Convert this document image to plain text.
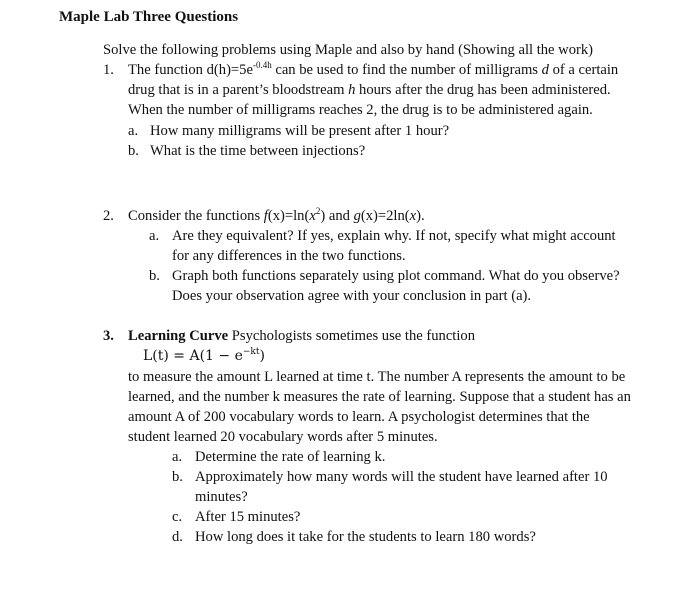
Maple Lab Three Questions
Solve the following problems using Maple and also by hand (Showing all the work)
1. The function $d(h)=5e^{-0.4h}$ can be used to find the number of milligrams d of a certain
drug that is in a parent’s bloodstream h hours after the drug has been administered.
When the number of milligrams reaches 2, the drug is to be administered again.
a. How many milligrams will be present after 1 hour?
b. What is the time between injections?
2. Consider the functions $f(x)=\ln(x^2)$ and g(x)=2ln(x).
a. Are they equivalent? If yes, explain why. If not, specify what might account
for any differences in the two functions.
b. Graph both functions separately using plot command. What do you observe?
Does your observation agree with your conclusion in part (a).
3. Learning Curve Psychologists sometimes use the function
$L(t) = A(1 - e^{-kt})$
to measure the amount L learned at time t. The number A represents the amount to be
learned, and the number k measures the rate of learning. Suppose that a student has an
amount A of 200 vocabulary words to learn. A psychologist determines that the
student learned 20 vocabulary words after 5 minutes.
a. Determine the rate of learning k.
b. Approximately how many words will the student have learned after 10
minutes?
c. After 15 minutes?
d. How long does it take for the students to learn 180 words?
